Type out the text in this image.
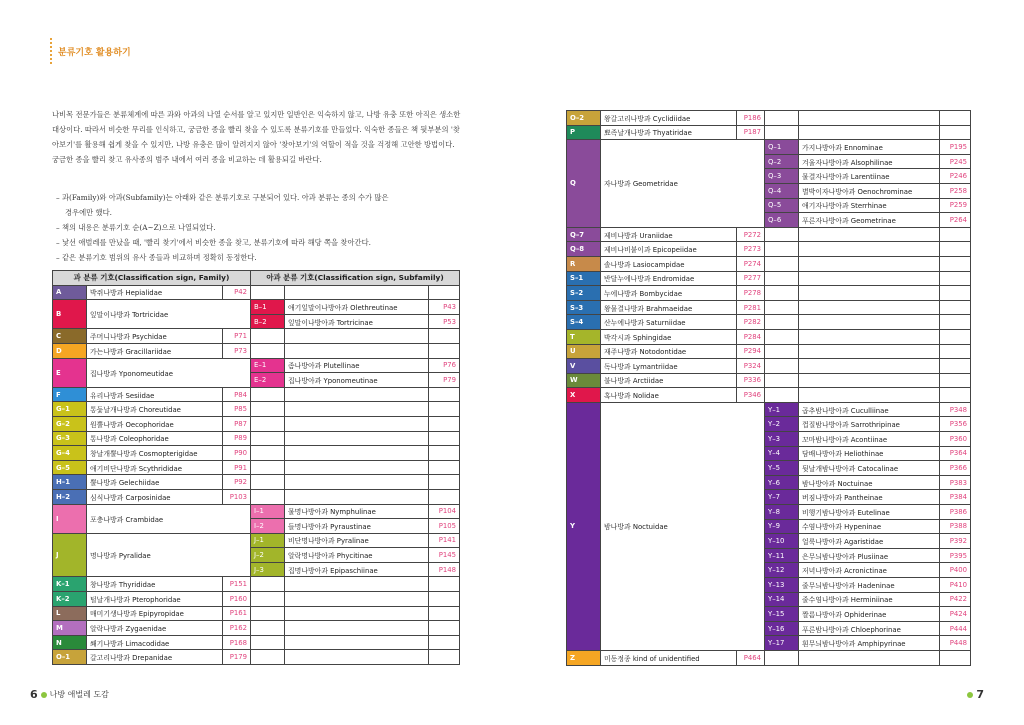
분류기호 활용하기

나비목 전문가들은 분류체계에 따른 과와 아과의 나열 순서를 알고 있지만 일반인은 익숙하지 않고, 나방 유충 또한 아직은 생소한 대상이다. 따라서 비슷한 무리를 인식하고, 궁금한 종을 빨리 찾을 수 있도록 분류기호를 만들었다. 익숙한 종들은 책 뒷부분의 '찾아보기'를 활용해 쉽게 찾을 수 있지만, 나방 유충은 많이 알려지지 않아 '찾아보기'의 역할이 적을 것을 걱정해 고안한 방법이다. 궁금한 종을 빨리 찾고 유사종의 범주 내에서 여러 종을 비교하는 데 활용되길 바란다.

– 과(Family)와 아과(Subfamily)는 아래와 같은 분류기호로 구분되어 있다. 아과 분류는 종의 수가 많은
경우에만 했다.
– 책의 내용은 분류기호 순(A~Z)으로 나열되었다.
– 낯선 애벌레를 만났을 때, '빨리 찾기'에서 비슷한 종을 찾고, 분류기호에 따라 해당 쪽을 찾아간다.
– 같은 분류기호 범위의 유사 종들과 비교하며 정확히 동정한다.
과 분류 기호(Classification sign, Family)			아과 분류 기호(Classification sign, Subfamily)		
A	박쥐나방과 Hepialidae	P42			
B	잎말이나방과 Tortricidae		B–1	애기잎말이나방아과 Olethreutinae	P43
			B–2	잎말이나방아과 Tortricinae	P53
C	주머니나방과 Psychidae	P71			
D	가는나방과 Gracillariidae	P73			
E	집나방과 Yponomeutidae		E–1	좀나방아과 Plutellinae	P76
			E–2	집나방아과 Yponomeutinae	P79
F	유리나방과 Sesiidae	P84			
G–1	통돛날개나방과 Choreutidae	P85			
G–2	원뿔나방과 Oecophoridae	P87			
G–3	통나방과 Coleophoridae	P89			
G–4	창날개뿔나방과 Cosmopterigidae	P90			
G–5	애기비단나방과 Scythrididae	P91			
H–1	뿔나방과 Gelechiidae	P92			
H–2	심식나방과 Carposinidae	P103			
I	포충나방과 Crambidae		I–1	물명나방아과 Nymphulinae	P104
			I–2	들명나방아과 Pyraustinae	P105
J	명나방과 Pyralidae		J–1	비단명나방아과 Pyralinae	P141
			J–2	알락명나방아과 Phycitinae	P145
			J–3	집명나방아과 Epipaschiinae	P148
K–1	창나방과 Thyrididae	P151			
K–2	털날개나방과 Pterophoridae	P160			
L	매미기생나방과 Epipyropidae	P161			
M	알락나방과 Zygaenidae	P162			
N	쐐기나방과 Limacodidae	P168			
O–1	갈고리나방과 Drepanidae	P179			
O–2	왕갈고리나방과 Cyclidiidae	P186			
P	뾰족날개나방과 Thyatiridae	P187			
Q	자나방과 Geometridae		Q–1	가지나방아과 Ennominae	P195
			Q–2	겨울자나방아과 Alsophilinae	P245
			Q–3	물결자나방아과 Larentiinae	P246
			Q–4	별박이자나방아과 Oenochrominae	P258
			Q–5	애기자나방아과 Sterrhinae	P259
			Q–6	푸른자나방아과 Geometrinae	P264
Q–7	제비나방과 Uraniidae	P272			
Q–8	제비나비붙이과 Epicopeiidae	P273			
R	솔나방과 Lasiocampidae	P274			
S–1	반달누에나방과 Endromidae	P277			
S–2	누에나방과 Bombycidae	P278			
S–3	왕물결나방과 Brahmaeidae	P281			
S–4	산누에나방과 Saturniidae	P282			
T	박각시과 Sphingidae	P284			
U	재주나방과 Notodontidae	P294			
V	독나방과 Lymantriidae	P324			
W	불나방과 Arctiidae	P336			
X	혹나방과 Nolidae	P346			
Y	밤나방과 Noctuidae		Y–1	곱추밤나방아과 Cuculliinae	P348
			Y–2	껍질밤나방아과 Sarrothripinae	P356
			Y–3	꼬마밤나방아과 Acontiinae	P360
			Y–4	담배나방아과 Heliothinae	P364
			Y–5	뒷날개밤나방아과 Catocalinae	P366
			Y–6	밤나방아과 Noctuinae	P383
			Y–7	버짐나방아과 Pantheinae	P384
			Y–8	비행기밤나방아과 Eutelinae	P386
			Y–9	수염나방아과 Hypeninae	P388
			Y–10	얼룩나방아과 Agaristidae	P392
			Y–11	은무늬밤나방아과 Plusiinae	P395
			Y–12	저녁나방아과 Acronictinae	P400
			Y–13	줄무늬밤나방아과 Hadeninae	P410
			Y–14	줄수염나방아과 Herminiinae	P422
			Y–15	짤름나방아과 Ophiderinae	P424
			Y–16	푸른밤나방아과 Chloephorinae	P444
			Y–17	흰무늬밤나방아과 Amphipyrinae	P448
Z	미동정종 kind of unidentified	P464			
6 나방 애벌레 도감	7
